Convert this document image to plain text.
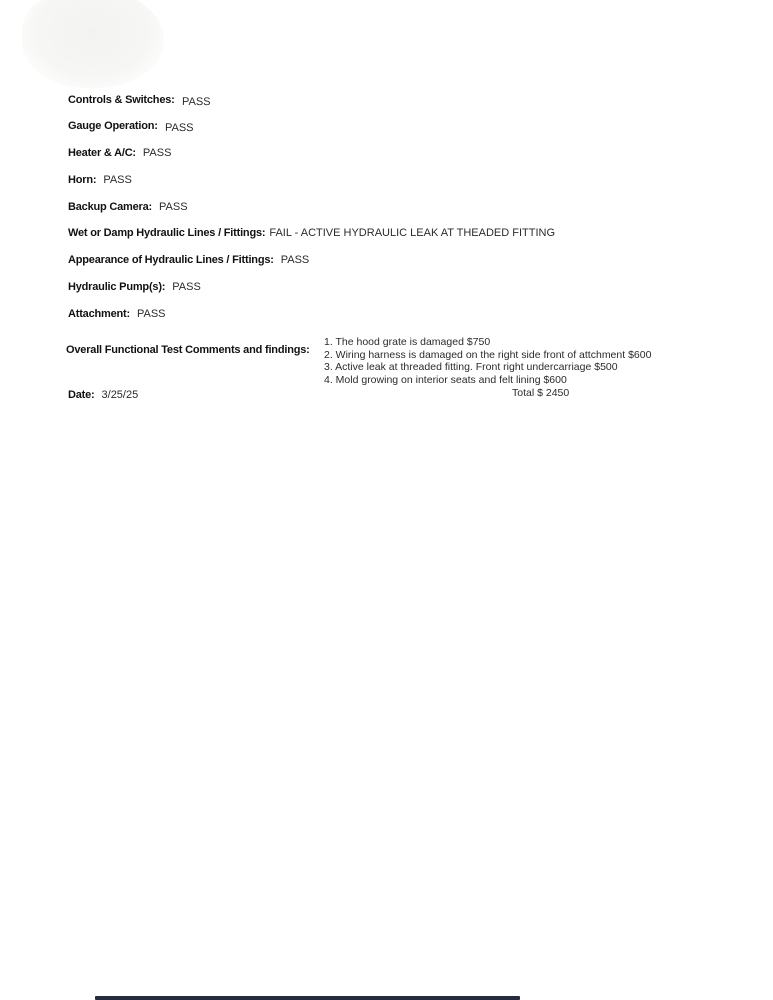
Controls & Switches: PASS
Gauge Operation: PASS
Heater & A/C: PASS
Horn: PASS
Backup Camera: PASS
Wet or Damp Hydraulic Lines / Fittings: FAIL - ACTIVE HYDRAULIC LEAK AT THEADED FITTING
Appearance of Hydraulic Lines / Fittings: PASS
Hydraulic Pump(s): PASS
Attachment: PASS
Overall Functional Test Comments and findings:
1. The hood grate is damaged $750
2. Wiring harness is damaged on the right side front of attchment $600
3. Active leak at threaded fitting. Front right undercarriage $500
4. Mold growing on interior seats and felt lining $600
Total $ 2450
Date: 3/25/25
